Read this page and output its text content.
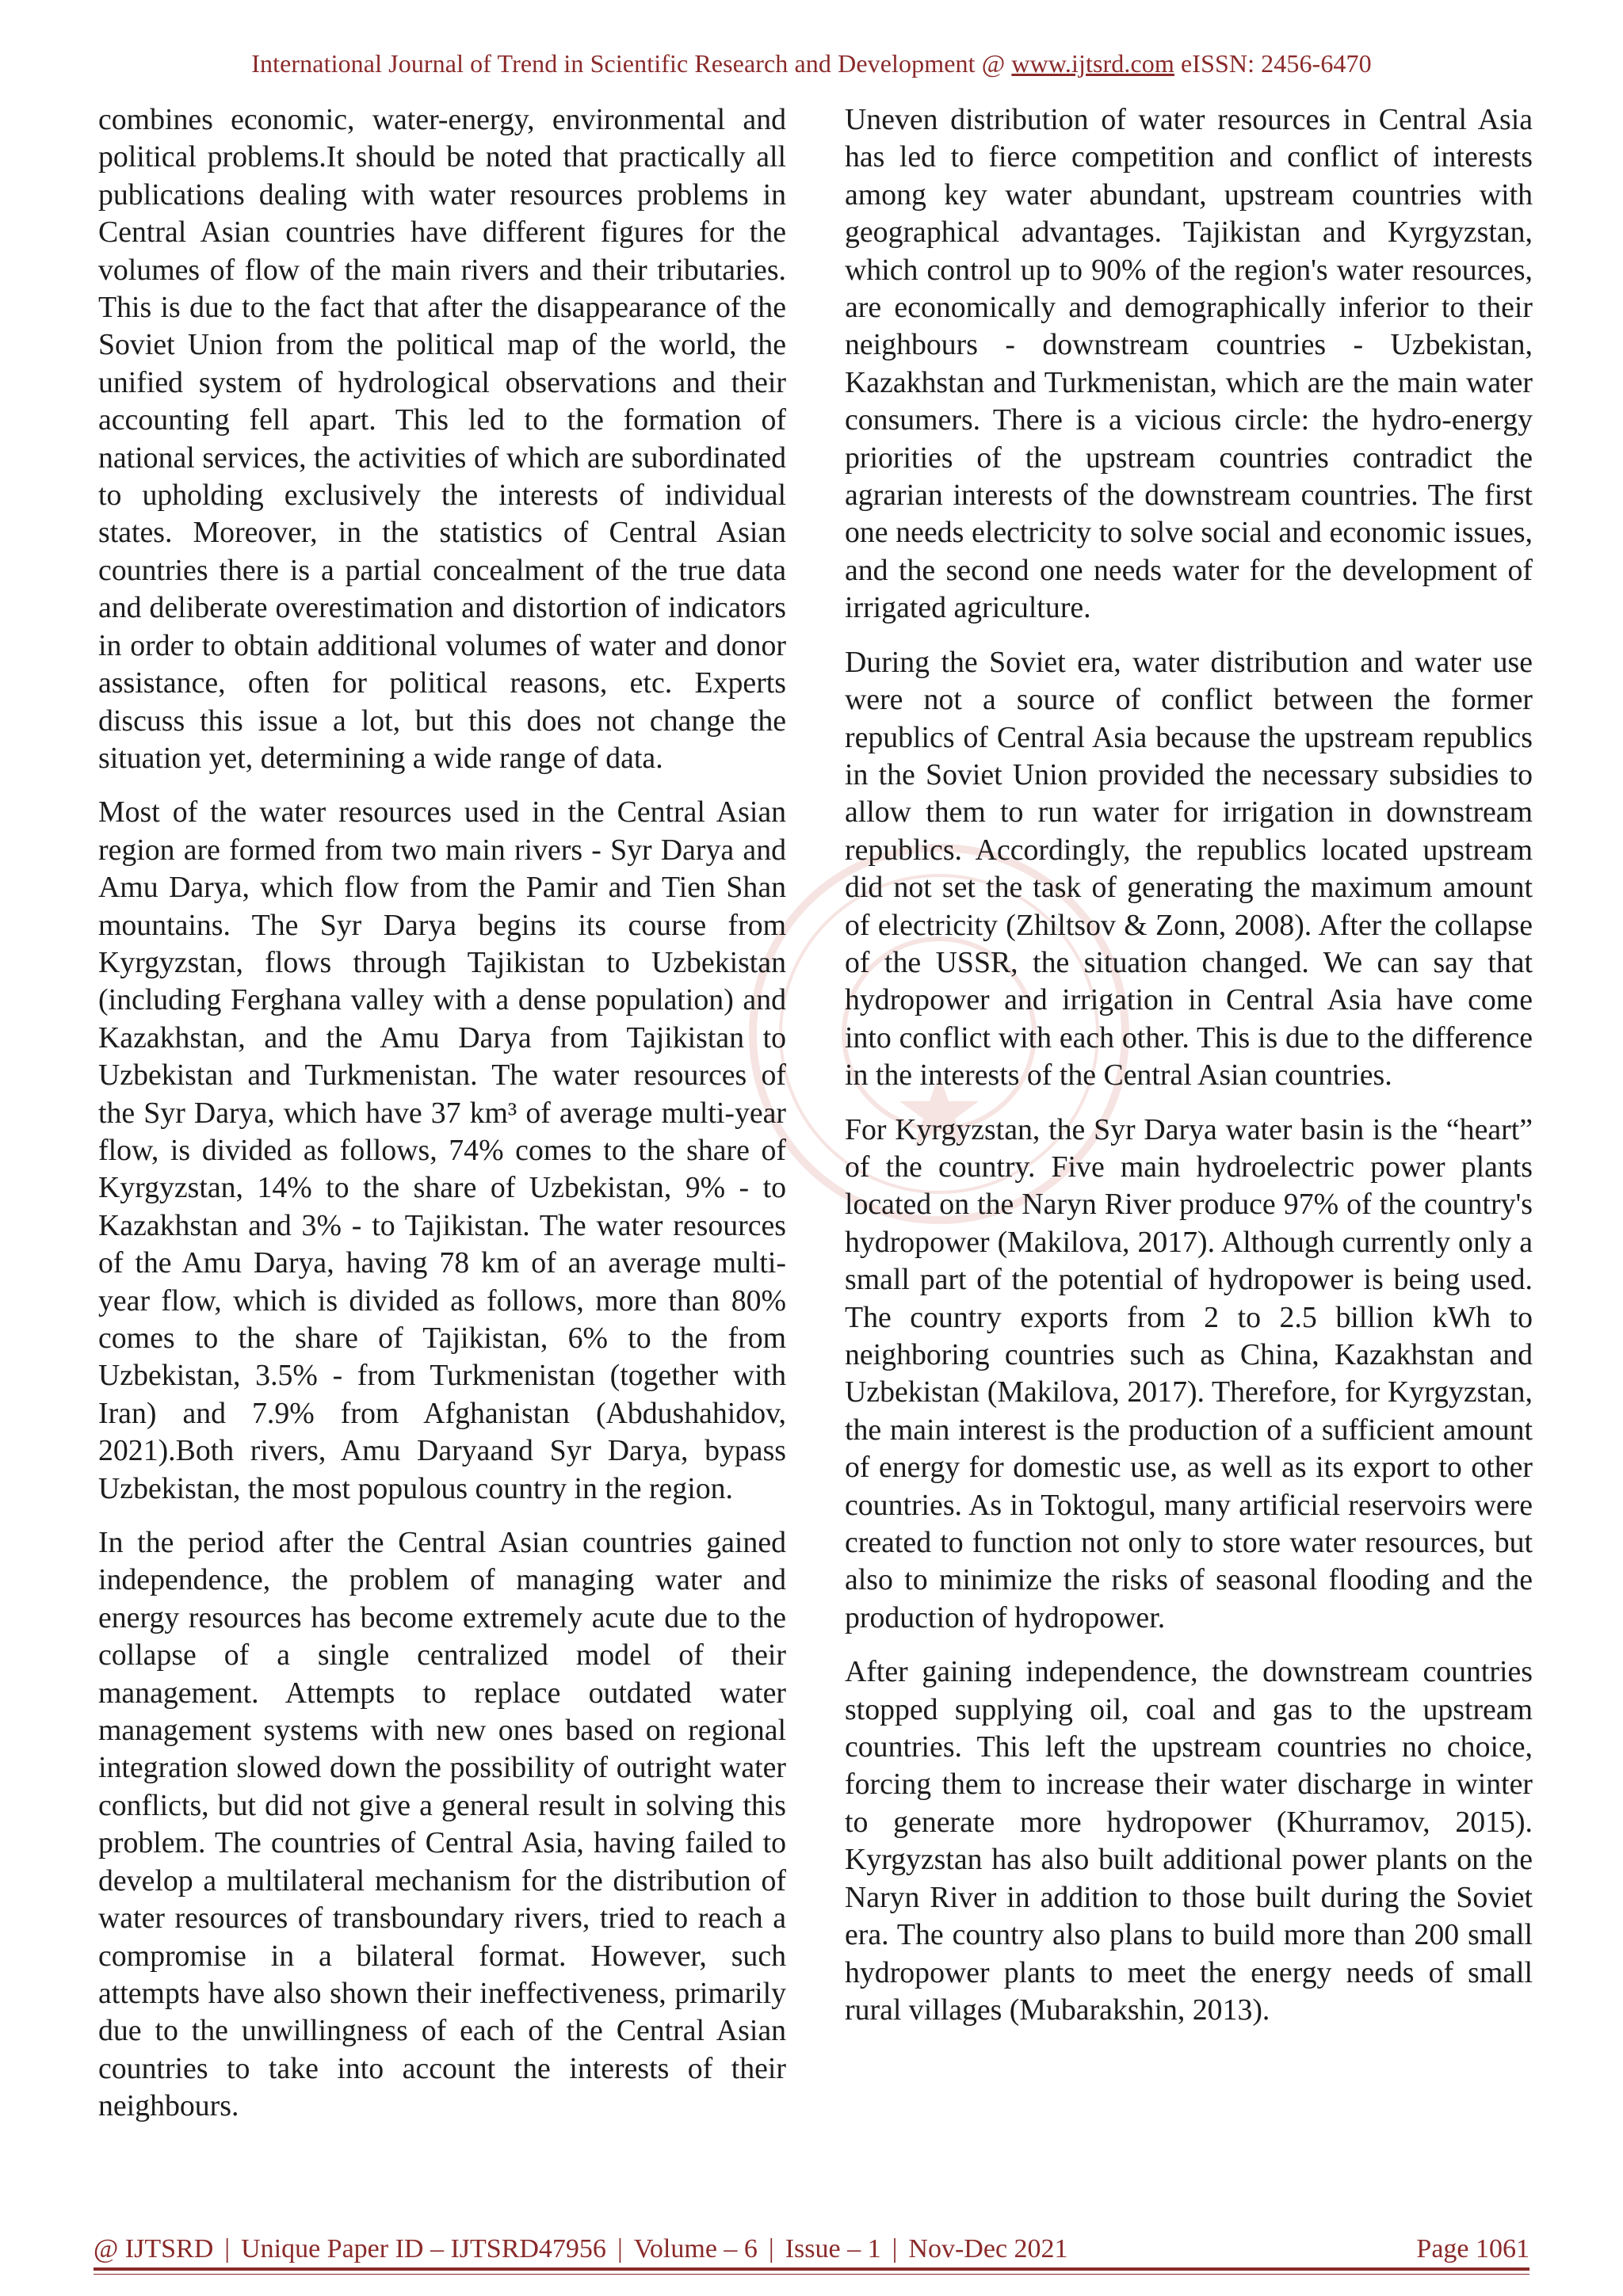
International Journal of Trend in Scientific Research and Development @ www.ijtsrd.com eISSN: 2456-6470

combines economic, water-energy, environmental and political problems.It should be noted that practically all publications dealing with water resources problems in Central Asian countries have different figures for the volumes of flow of the main rivers and their tributaries. This is due to the fact that after the disappearance of the Soviet Union from the political map of the world, the unified system of hydrological observations and their accounting fell apart. This led to the formation of national services, the activities of which are subordinated to upholding exclusively the interests of individual states. Moreover, in the statistics of Central Asian countries there is a partial concealment of the true data and deliberate overestimation and distortion of indicators in order to obtain additional volumes of water and donor assistance, often for political reasons, etc. Experts discuss this issue a lot, but this does not change the situation yet, determining a wide range of data.

Most of the water resources used in the Central Asian region are formed from two main rivers - Syr Darya and Amu Darya, which flow from the Pamir and Tien Shan mountains. The Syr Darya begins its course from Kyrgyzstan, flows through Tajikistan to Uzbekistan (including Ferghana valley with a dense population) and Kazakhstan, and the Amu Darya from Tajikistan to Uzbekistan and Turkmenistan. The water resources of the Syr Darya, which have 37 km³ of average multi-year flow, is divided as follows, 74% comes to the share of Kyrgyzstan, 14% to the share of Uzbekistan, 9% - to Kazakhstan and 3% - to Tajikistan. The water resources of the Amu Darya, having 78 km of an average multi-year flow, which is divided as follows, more than 80% comes to the share of Tajikistan, 6% to the from Uzbekistan, 3.5% - from Turkmenistan (together with Iran) and 7.9% from Afghanistan (Abdushahidov, 2021).Both rivers, Amu Daryaand Syr Darya, bypass Uzbekistan, the most populous country in the region.

In the period after the Central Asian countries gained independence, the problem of managing water and energy resources has become extremely acute due to the collapse of a single centralized model of their management. Attempts to replace outdated water management systems with new ones based on regional integration slowed down the possibility of outright water conflicts, but did not give a general result in solving this problem. The countries of Central Asia, having failed to develop a multilateral mechanism for the distribution of water resources of transboundary rivers, tried to reach a compromise in a bilateral format. However, such attempts have also shown their ineffectiveness, primarily due to the unwillingness of each of the Central Asian countries to take into account the interests of their neighbours.

Uneven distribution of water resources in Central Asia has led to fierce competition and conflict of interests among key water abundant, upstream countries with geographical advantages. Tajikistan and Kyrgyzstan, which control up to 90% of the region's water resources, are economically and demographically inferior to their neighbours - downstream countries - Uzbekistan, Kazakhstan and Turkmenistan, which are the main water consumers. There is a vicious circle: the hydro-energy priorities of the upstream countries contradict the agrarian interests of the downstream countries. The first one needs electricity to solve social and economic issues, and the second one needs water for the development of irrigated agriculture.

During the Soviet era, water distribution and water use were not a source of conflict between the former republics of Central Asia because the upstream republics in the Soviet Union provided the necessary subsidies to allow them to run water for irrigation in downstream republics. Accordingly, the republics located upstream did not set the task of generating the maximum amount of electricity (Zhiltsov & Zonn, 2008). After the collapse of the USSR, the situation changed. We can say that hydropower and irrigation in Central Asia have come into conflict with each other. This is due to the difference in the interests of the Central Asian countries.

For Kyrgyzstan, the Syr Darya water basin is the “heart” of the country. Five main hydroelectric power plants located on the Naryn River produce 97% of the country's hydropower (Makilova, 2017). Although currently only a small part of the potential of hydropower is being used. The country exports from 2 to 2.5 billion kWh to neighboring countries such as China, Kazakhstan and Uzbekistan (Makilova, 2017). Therefore, for Kyrgyzstan, the main interest is the production of a sufficient amount of energy for domestic use, as well as its export to other countries. As in Toktogul, many artificial reservoirs were created to function not only to store water resources, but also to minimize the risks of seasonal flooding and the production of hydropower.

After gaining independence, the downstream countries stopped supplying oil, coal and gas to the upstream countries. This left the upstream countries no choice, forcing them to increase their water discharge in winter to generate more hydropower (Khurramov, 2015). Kyrgyzstan has also built additional power plants on the Naryn River in addition to those built during the Soviet era. The country also plans to build more than 200 small hydropower plants to meet the energy needs of small rural villages (Mubarakshin, 2013).

@ IJTSRD | Unique Paper ID – IJTSRD47956 | Volume – 6 | Issue – 1 | Nov-Dec 2021	Page 1061
